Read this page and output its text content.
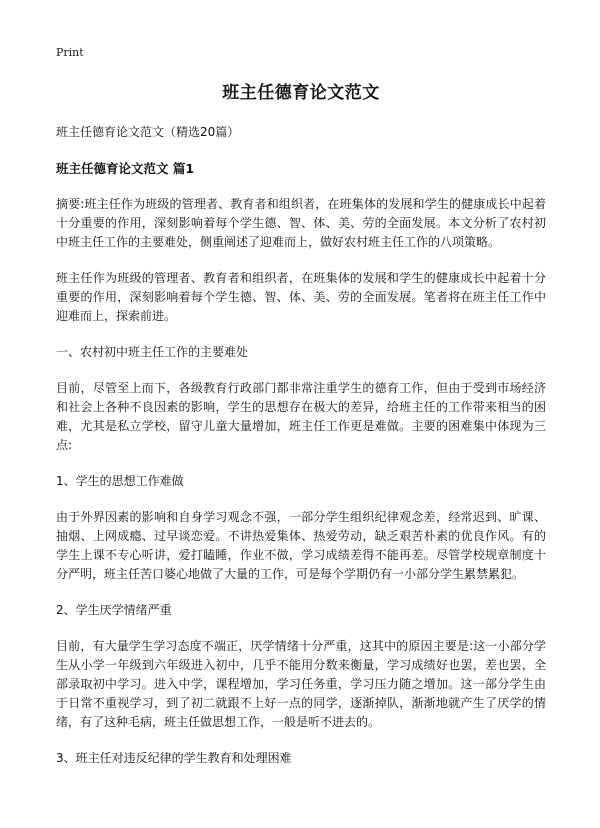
Print
班主任德育论文范文

班主任德育论文范文（精选20篇）

班主任德育论文范文 篇1

摘要:班主任作为班级的管理者、教育者和组织者，在班集体的发展和学生的健康成长中起着十分重要的作用，深刻影响着每个学生德、智、体、美、劳的全面发展。本文分析了农村初中班主任工作的主要难处，侧重阐述了迎难而上，做好农村班主任工作的八项策略。

班主任作为班级的管理者、教育者和组织者，在班集体的发展和学生的健康成长中起着十分重要的作用，深刻影响着每个学生德、智、体、美、劳的全面发展。笔者将在班主任工作中迎难而上，探索前进。

一、农村初中班主任工作的主要难处

目前，尽管至上而下，各级教育行政部门都非常注重学生的德育工作，但由于受到市场经济和社会上各种不良因素的影响，学生的思想存在极大的差异，给班主任的工作带来相当的困难，尤其是私立学校，留守儿童大量增加，班主任工作更是难做。主要的困难集中体现为三点:

1、学生的思想工作难做

由于外界因素的影响和自身学习观念不强，一部分学生组织纪律观念差，经常迟到、旷课、抽烟、上网成瘾、过早谈恋爱。不讲热爱集体、热爱劳动，缺乏艰苦朴素的优良作风。有的学生上课不专心听讲，爱打瞌睡，作业不做，学习成绩差得不能再差。尽管学校规章制度十分严明，班主任苦口婆心地做了大量的工作，可是每个学期仍有一小部分学生累禁累犯。

2、学生厌学情绪严重

目前，有大量学生学习态度不端正，厌学情绪十分严重，这其中的原因主要是:这一小部分学生从小学一年级到六年级进入初中，几乎不能用分数来衡量，学习成绩好也罢，差也罢，全部录取初中学习。进入中学，课程增加，学习任务重，学习压力随之增加。这一部分学生由于日常不重视学习，到了初二就跟不上好一点的同学，逐渐掉队，渐渐地就产生了厌学的情绪，有了这种毛病，班主任做思想工作，一般是听不进去的。

3、班主任对违反纪律的学生教育和处理困难
